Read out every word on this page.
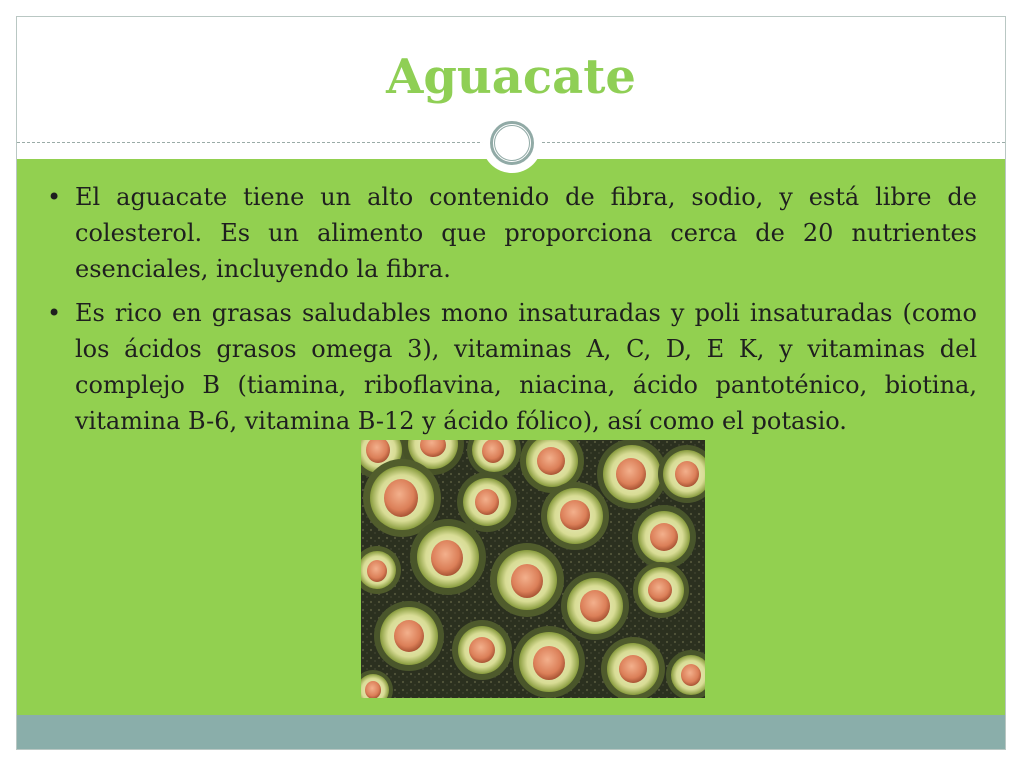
Aguacate
• El aguacate tiene un alto contenido de fibra, sodio, y está libre de colesterol. Es un alimento que proporciona cerca de 20 nutrientes esenciales, incluyendo la fibra.
• Es rico en grasas saludables mono insaturadas y poli insaturadas (como los ácidos grasos omega 3), vitaminas A, C, D, E K, y vitaminas del complejo B (tiamina, riboflavina, niacina, ácido pantoténico, biotina, vitamina B-6, vitamina B-12 y ácido fólico), así como el potasio.
